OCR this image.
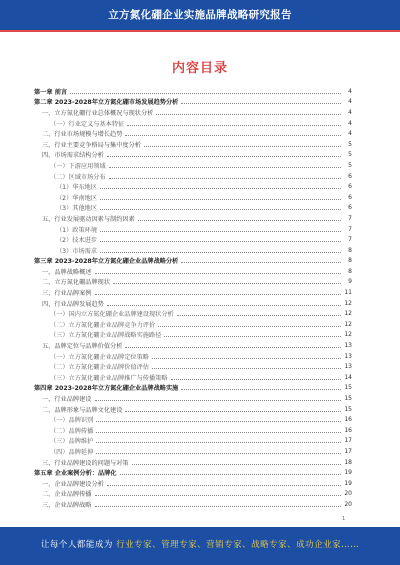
立方氮化硼企业实施品牌战略研究报告
内容目录
第一章 前言	4
第二章 2023-2028年立方氮化硼市场发展趋势分析	4
一、立方氮化硼行业总体概况与现状分析	4
（一）行业定义与基本特征	4
二、行业市场规模与增长趋势	4
三、行业主要竞争格局与集中度分析	5
四、市场需求结构分析	5
（一）下游应用领域	5
（二）区域市场分布	6
（1）华东地区	6
（2）华南地区	6
（3）其他地区	6
五、行业发展驱动因素与制约因素	7
（1）政策环境	7
（2）技术进步	7
（3）市场需求	8
第三章 2023-2028年立方氮化硼企业品牌战略分析	8
一、品牌战略概述	8
二、立方氮化硼品牌现状	9
三、行业品牌案例	11
四、行业品牌发展趋势	12
（一）国内立方氮化硼企业品牌建设现状分析	12
（二）立方氮化硼企业品牌竞争力评价	12
（三）立方氮化硼企业品牌战略实施路径	12
五、品牌定位与品牌价值分析	13
（一）立方氮化硼企业品牌定位策略	13
（二）立方氮化硼企业品牌价值评估	13
（三）立方氮化硼企业品牌推广与传播策略	14
第四章 2023-2028年立方氮化硼企业品牌战略实施	15
一、行业品牌建设	15
二、品牌形象与品牌文化建设	15
（一）品牌识别	16
（二）品牌传播	16
（三）品牌维护	17
（四）品牌延伸	17
三、行业品牌建设的问题与对策	18
第五章 企业案例分析：品牌化	19
一、企业品牌建设分析	19
二、企业品牌传播	20
三、企业品牌战略	20
1
让每个人都能成为 行业专家、管理专家、营销专家、战略专家、成功企业家……
